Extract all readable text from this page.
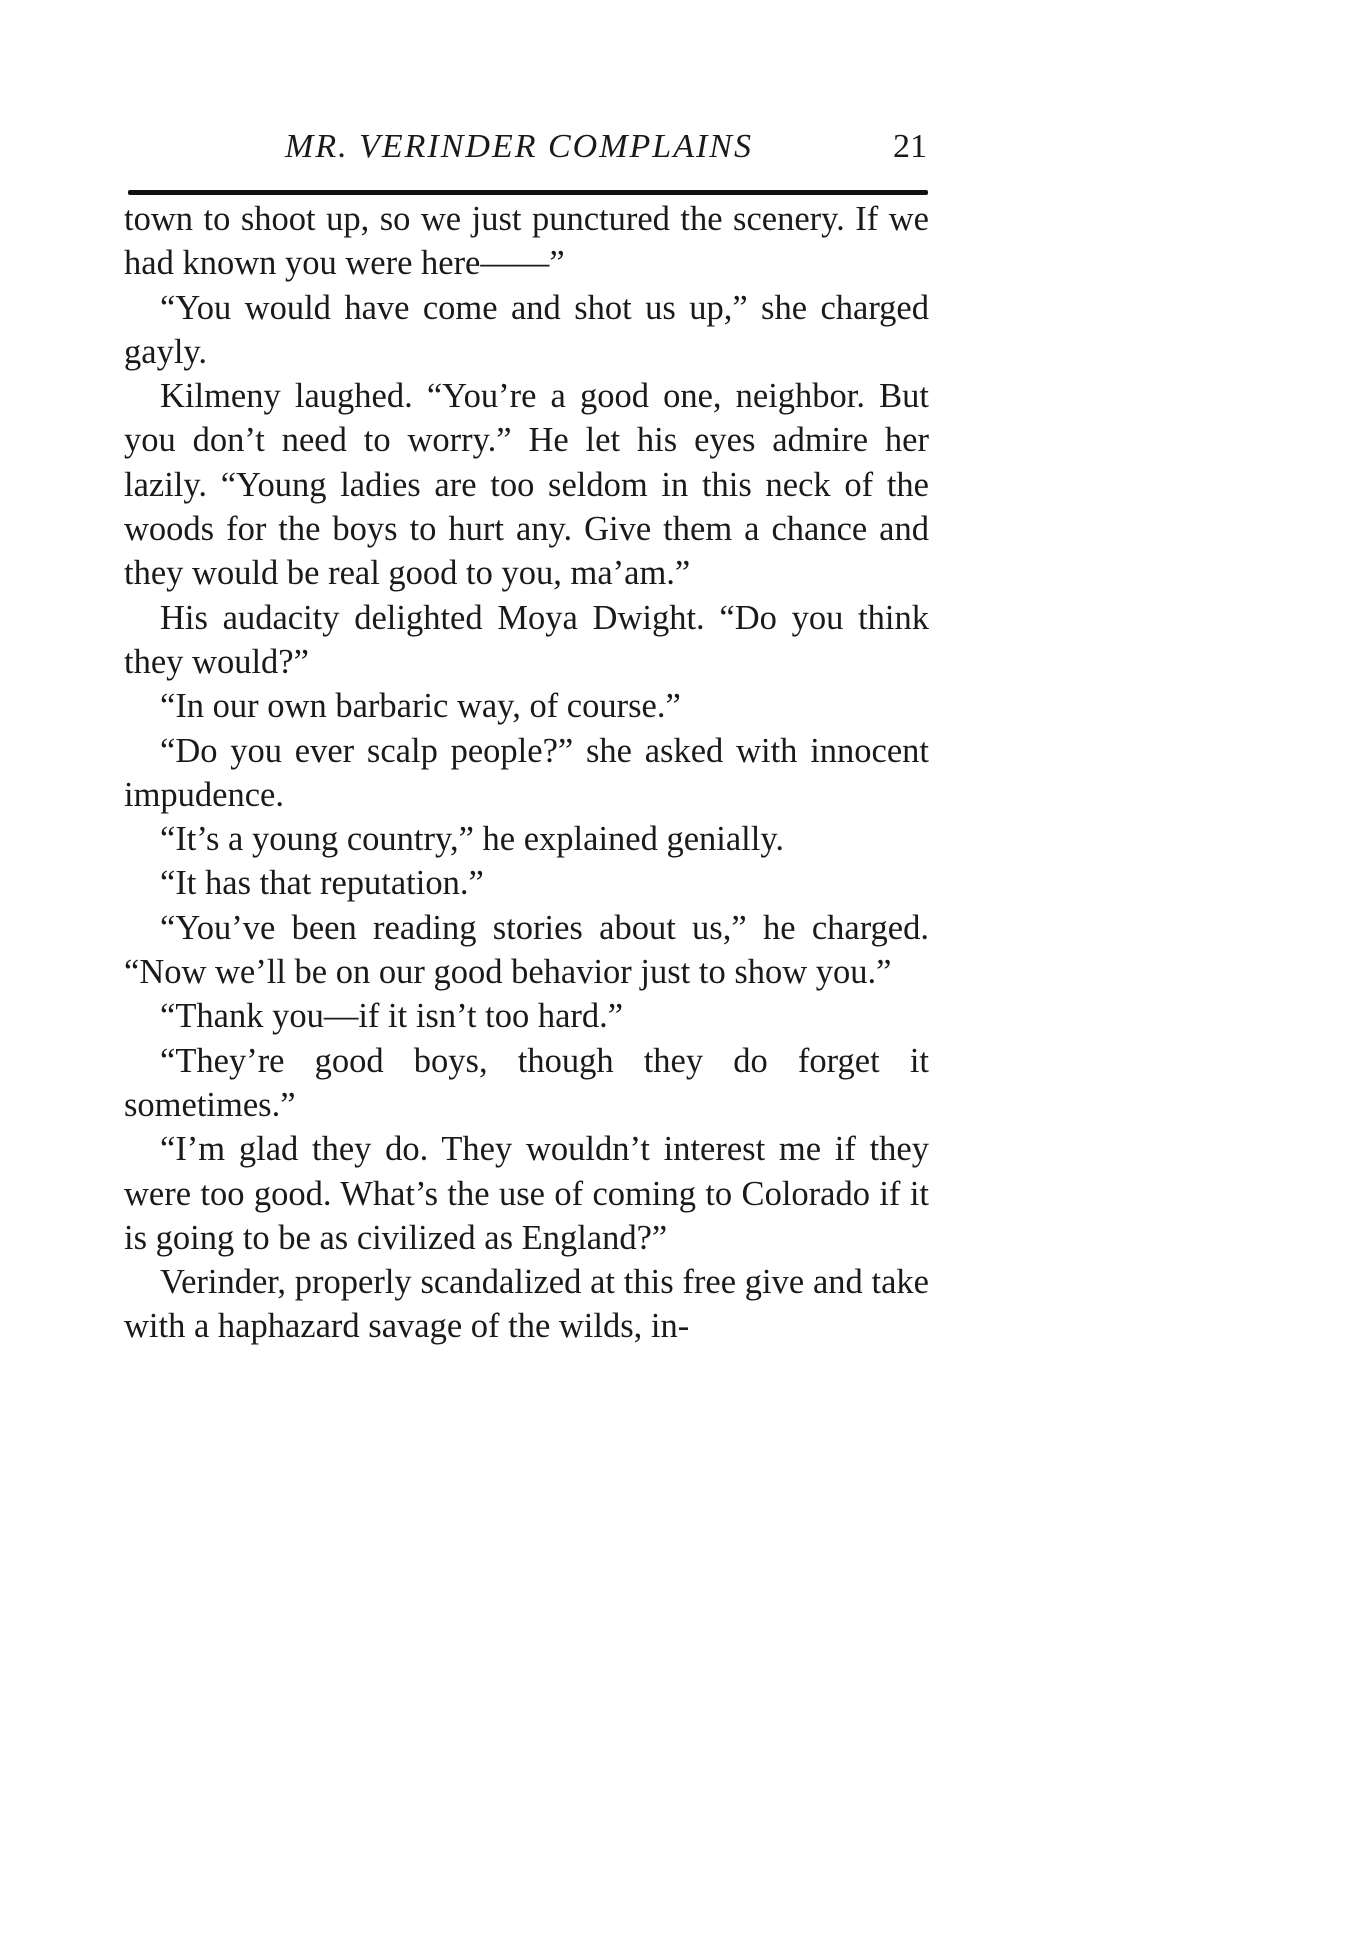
MR. VERINDER COMPLAINS	21

town to shoot up, so we just punctured the scenery. If we had known you were here——”

“You would have come and shot us up,” she charged gayly.

Kilmeny laughed. “You’re a good one, neighbor. But you don’t need to worry.” He let his eyes admire her lazily. “Young ladies are too seldom in this neck of the woods for the boys to hurt any. Give them a chance and they would be real good to you, ma’am.”

His audacity delighted Moya Dwight. “Do you think they would?”

“In our own barbaric way, of course.”

“Do you ever scalp people?” she asked with innocent impudence.

“It’s a young country,” he explained genially.

“It has that reputation.”

“You’ve been reading stories about us,” he charged. “Now we’ll be on our good behavior just to show you.”

“Thank you—if it isn’t too hard.”

“They’re good boys, though they do forget it sometimes.”

“I’m glad they do. They wouldn’t interest me if they were too good. What’s the use of coming to Colorado if it is going to be as civilized as England?”

Verinder, properly scandalized at this free give and take with a haphazard savage of the wilds, in-
